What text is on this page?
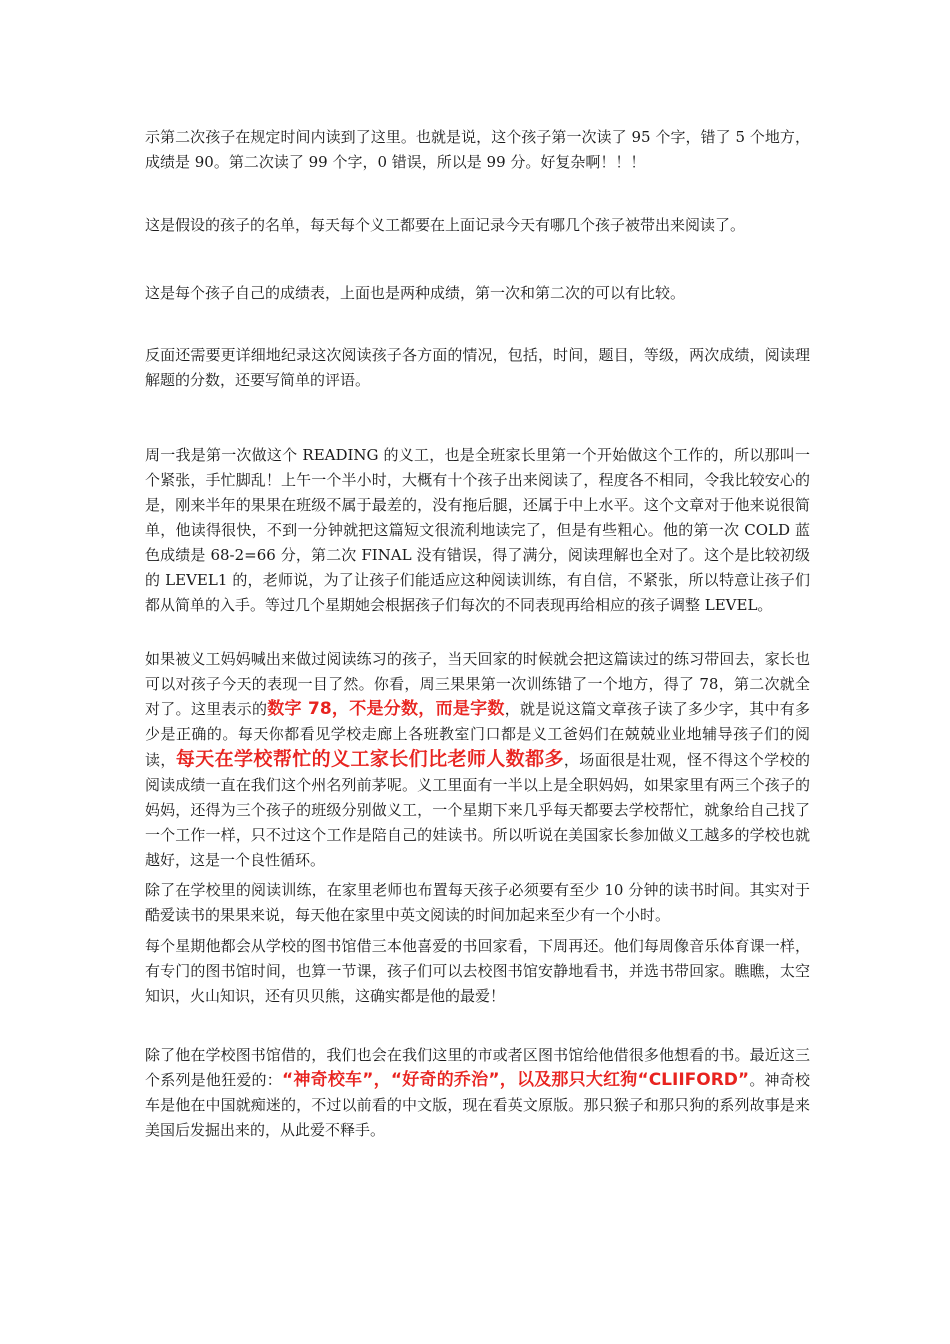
示第二次孩子在规定时间内读到了这里。也就是说，这个孩子第一次读了 95 个字，错了 5 个地方，成绩是 90。第二次读了 99 个字，0 错误，所以是 99 分。好复杂啊！！！

这是假设的孩子的名单，每天每个义工都要在上面记录今天有哪几个孩子被带出来阅读了。

这是每个孩子自己的成绩表，上面也是两种成绩，第一次和第二次的可以有比较。

反面还需要更详细地纪录这次阅读孩子各方面的情况，包括，时间，题目，等级，两次成绩，阅读理解题的分数，还要写简单的评语。

周一我是第一次做这个 READING 的义工，也是全班家长里第一个开始做这个工作的，所以那叫一个紧张，手忙脚乱！上午一个半小时，大概有十个孩子出来阅读了，程度各不相同，令我比较安心的是，刚来半年的果果在班级不属于最差的，没有拖后腿，还属于中上水平。这个文章对于他来说很简单，他读得很快，不到一分钟就把这篇短文很流利地读完了，但是有些粗心。他的第一次 COLD 蓝色成绩是 68-2=66 分，第二次 FINAL 没有错误，得了满分，阅读理解也全对了。这个是比较初级的 LEVEL1 的，老师说，为了让孩子们能适应这种阅读训练，有自信，不紧张，所以特意让孩子们都从简单的入手。等过几个星期她会根据孩子们每次的不同表现再给相应的孩子调整 LEVEL。

如果被义工妈妈喊出来做过阅读练习的孩子，当天回家的时候就会把这篇读过的练习带回去，家长也可以对孩子今天的表现一目了然。你看，周三果果第一次训练错了一个地方，得了 78，第二次就全对了。这里表示的数字 78，不是分数，而是字数，就是说这篇文章孩子读了多少字，其中有多少是正确的。每天你都看见学校走廊上各班教室门口都是义工爸妈们在兢兢业业地辅导孩子们的阅读，每天在学校帮忙的义工家长们比老师人数都多，场面很是壮观，怪不得这个学校的阅读成绩一直在我们这个州名列前茅呢。义工里面有一半以上是全职妈妈，如果家里有两三个孩子的妈妈，还得为三个孩子的班级分别做义工，一个星期下来几乎每天都要去学校帮忙，就象给自己找了一个工作一样，只不过这个工作是陪自己的娃读书。所以听说在美国家长参加做义工越多的学校也就越好，这是一个良性循环。

除了在学校里的阅读训练，在家里老师也布置每天孩子必须要有至少 10 分钟的读书时间。其实对于酷爱读书的果果来说，每天他在家里中英文阅读的时间加起来至少有一个小时。

每个星期他都会从学校的图书馆借三本他喜爱的书回家看，下周再还。他们每周像音乐体育课一样，有专门的图书馆时间，也算一节课，孩子们可以去校图书馆安静地看书，并选书带回家。瞧瞧，太空知识，火山知识，还有贝贝熊，这确实都是他的最爱！

除了他在学校图书馆借的，我们也会在我们这里的市或者区图书馆给他借很多他想看的书。最近这三个系列是他狂爱的：“神奇校车”，“好奇的乔治”，以及那只大红狗“CLIIFORD”。神奇校车是他在中国就痴迷的，不过以前看的中文版，现在看英文原版。那只猴子和那只狗的系列故事是来美国后发掘出来的，从此爱不释手。
